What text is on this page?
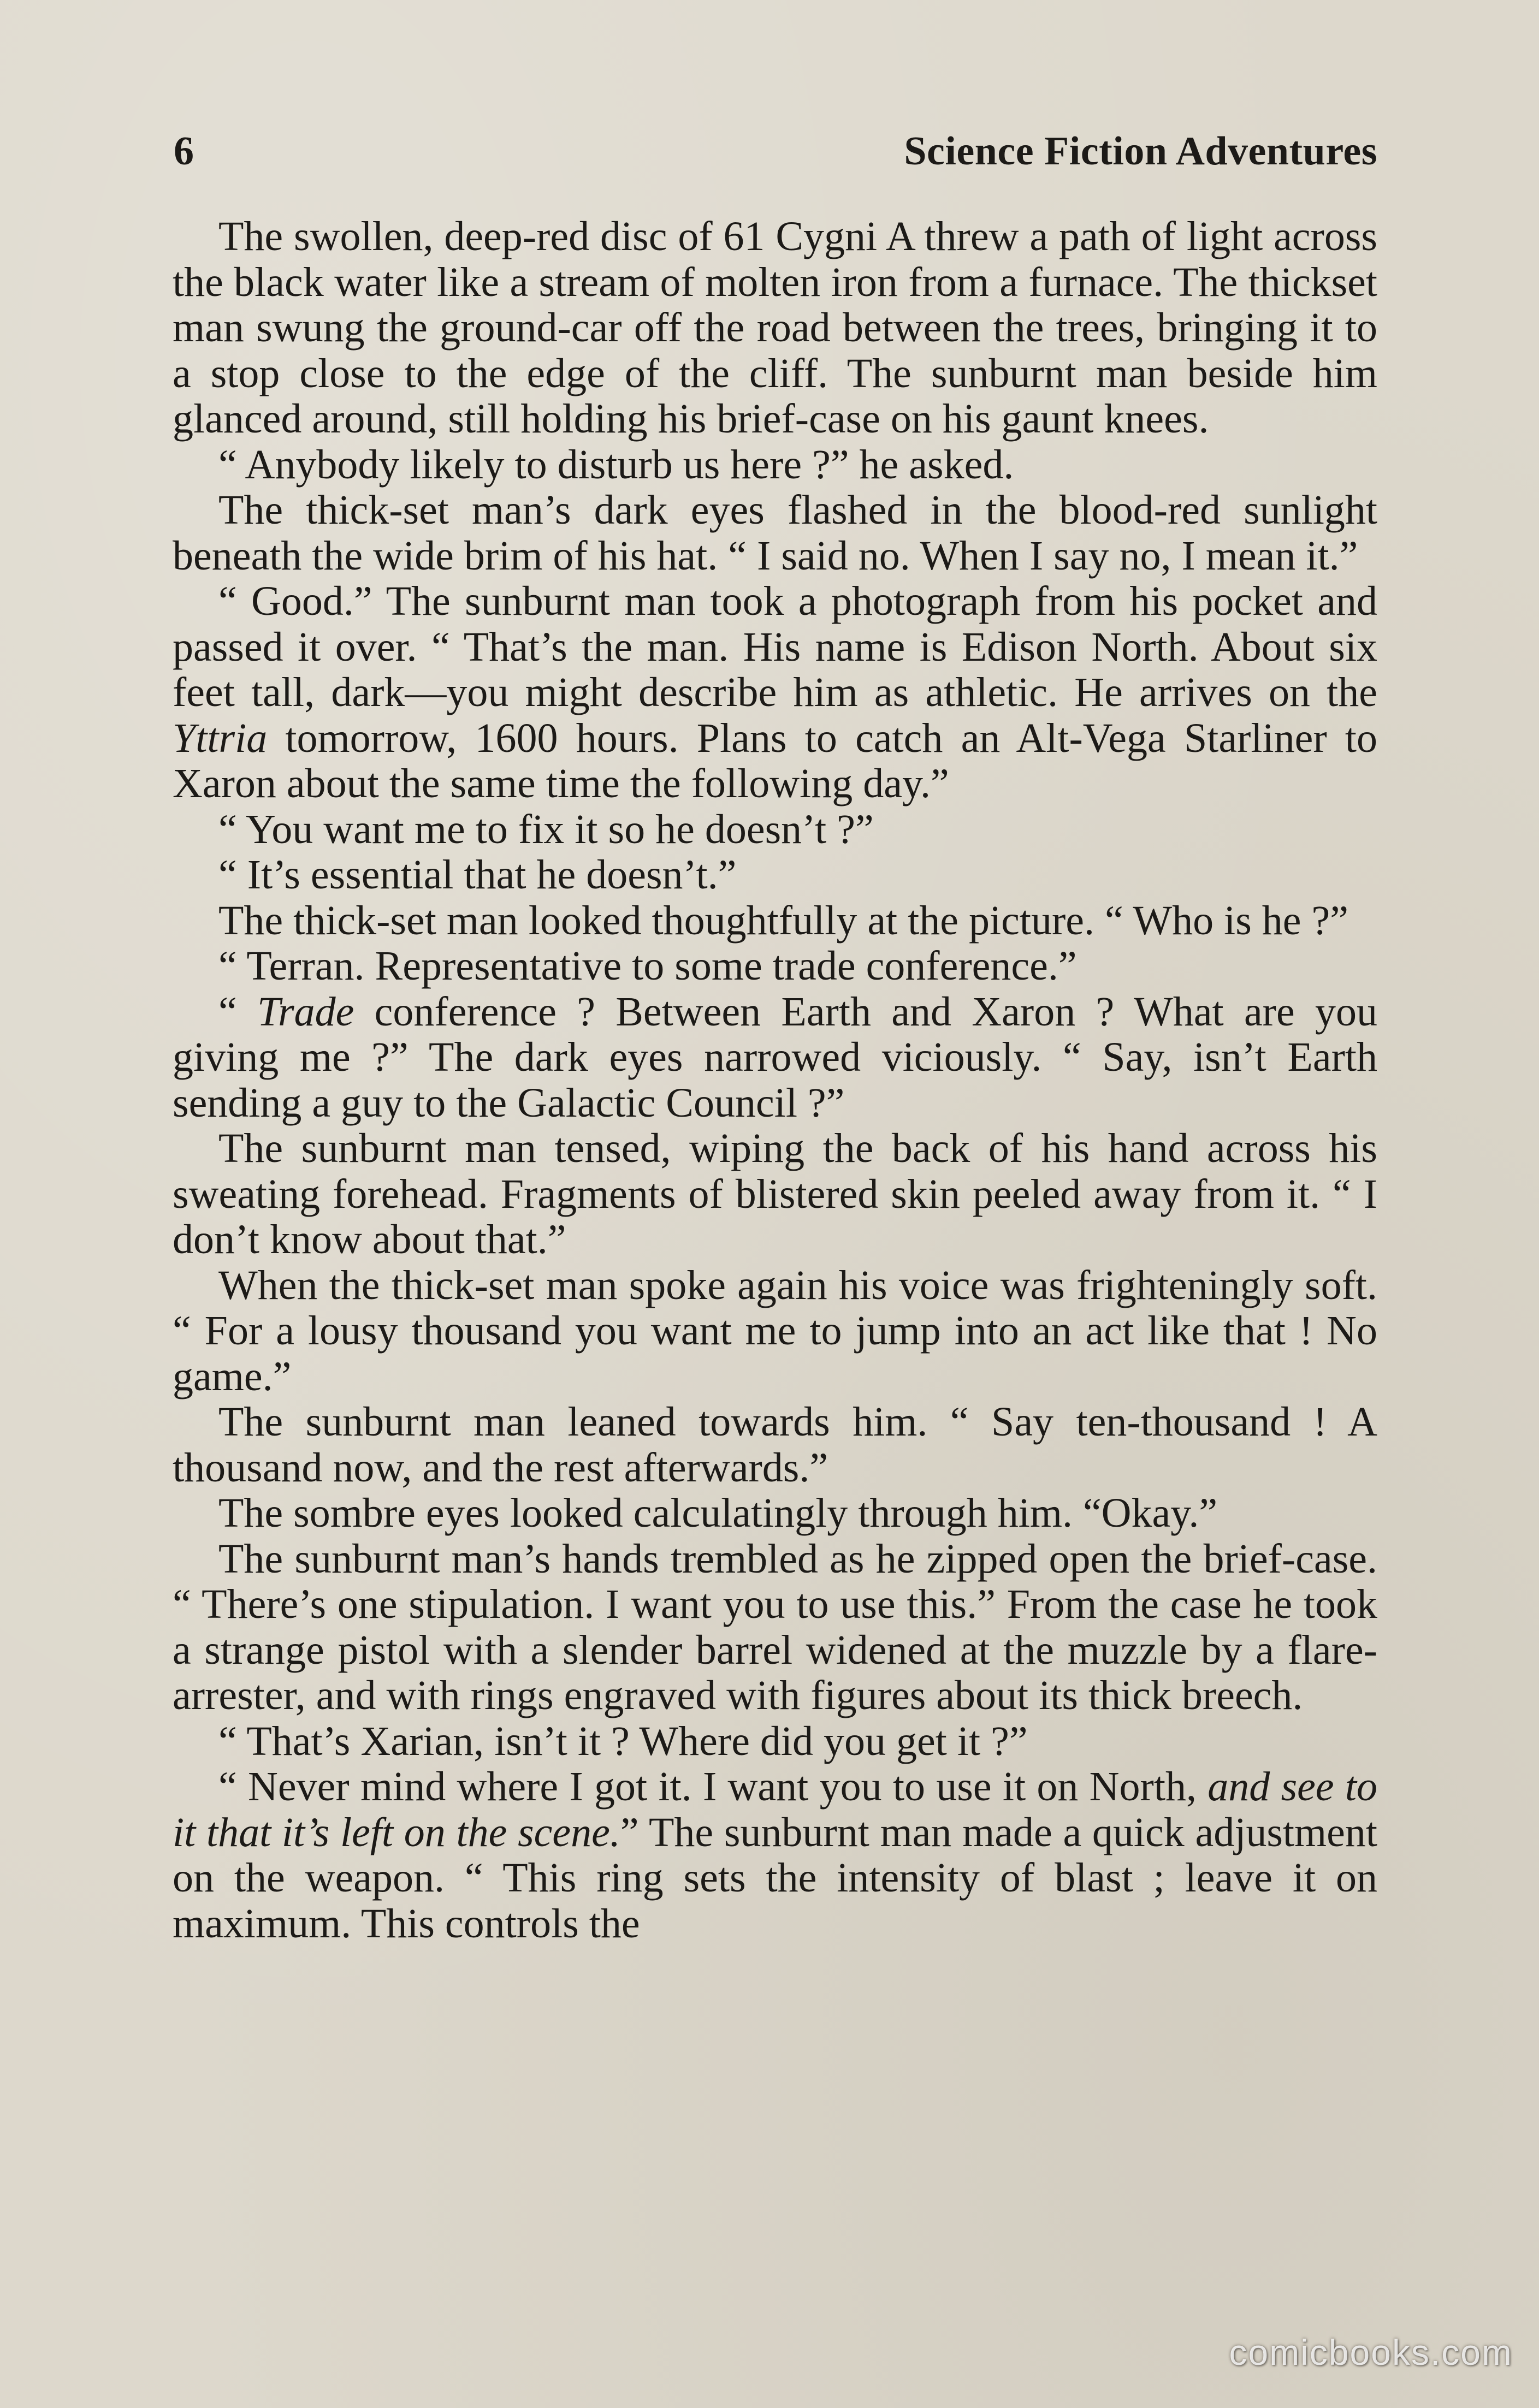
6	Science Fiction Adventures

The swollen, deep-red disc of 61 Cygni A threw a path of light across the black water like a stream of molten iron from a furnace. The thickset man swung the ground-car off the road between the trees, bringing it to a stop close to the edge of the cliff. The sunburnt man beside him glanced around, still holding his brief-case on his gaunt knees.

“ Anybody likely to disturb us here ?” he asked.

The thick-set man’s dark eyes flashed in the blood-red sunlight beneath the wide brim of his hat. “ I said no. When I say no, I mean it.”

“ Good.” The sunburnt man took a photograph from his pocket and passed it over. “ That’s the man. His name is Edison North. About six feet tall, dark—you might describe him as athletic. He arrives on the Yttria tomorrow, 1600 hours. Plans to catch an Alt-Vega Starliner to Xaron about the same time the following day.”

“ You want me to fix it so he doesn’t ?”

“ It’s essential that he doesn’t.”

The thick-set man looked thoughtfully at the picture. “ Who is he ?”

“ Terran. Representative to some trade conference.”

“ Trade conference ? Between Earth and Xaron ? What are you giving me ?” The dark eyes narrowed viciously. “ Say, isn’t Earth sending a guy to the Galactic Council ?”

The sunburnt man tensed, wiping the back of his hand across his sweating forehead. Fragments of blistered skin peeled away from it. “ I don’t know about that.”

When the thick-set man spoke again his voice was frighteningly soft. “ For a lousy thousand you want me to jump into an act like that ! No game.”

The sunburnt man leaned towards him. “ Say ten-thousand ! A thousand now, and the rest afterwards.”

The sombre eyes looked calculatingly through him. “Okay.”

The sunburnt man’s hands trembled as he zipped open the brief-case. “ There’s one stipulation. I want you to use this.” From the case he took a strange pistol with a slender barrel widened at the muzzle by a flare-arrester, and with rings engraved with figures about its thick breech.

“ That’s Xarian, isn’t it ? Where did you get it ?”

“ Never mind where I got it. I want you to use it on North, and see to it that it’s left on the scene.” The sunburnt man made a quick adjustment on the weapon. “ This ring sets the intensity of blast ; leave it on maximum. This controls the

comicbooks.com
